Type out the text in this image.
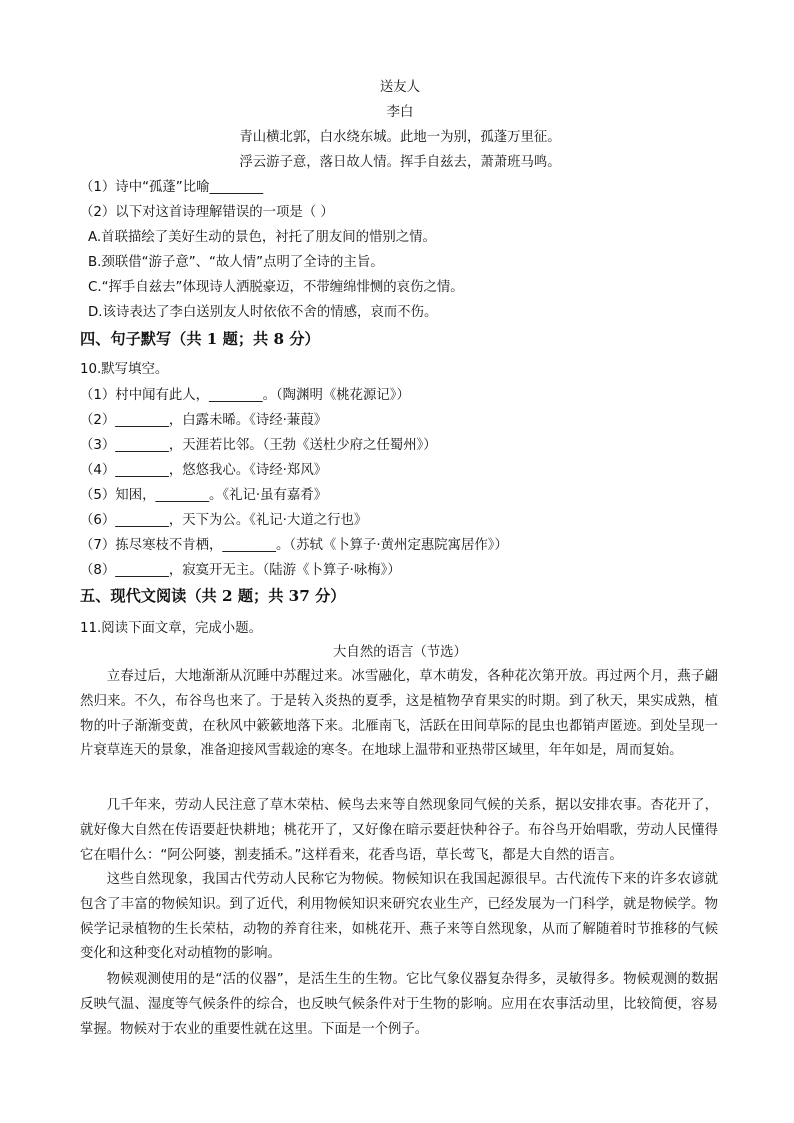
送友人
李白
青山横北郭，白水绕东城。此地一为别，孤蓬万里征。
浮云游子意，落日故人情。挥手自兹去，萧萧班马鸣。
（1）诗中“孤蓬”比喻________
（2）以下对这首诗理解错误的一项是（ ）
A.首联描绘了美好生动的景色，衬托了朋友间的惜别之情。
B.颈联借“游子意”、“故人情”点明了全诗的主旨。
C.“挥手自兹去”体现诗人洒脱豪迈，不带缠绵悱恻的哀伤之情。
D.该诗表达了李白送别友人时依依不舍的情感，哀而不伤。
四、句子默写（共 1 题；共 8 分）
10.默写填空。
（1）村中闻有此人，________。（陶渊明《桃花源记》）
（2）________，白露未晞。《诗经·蒹葭》
（3）________，天涯若比邻。（王勃《送杜少府之任蜀州》）
（4）________，悠悠我心。《诗经·郑风》
（5）知困，________。《礼记·虽有嘉肴》
（6）________，天下为公。《礼记·大道之行也》
（7）拣尽寒枝不肯栖，________。（苏轼《卜算子·黄州定惠院寓居作》）
（8）________，寂寞开无主。（陆游《卜算子·咏梅》）
五、现代文阅读（共 2 题；共 37 分）
11.阅读下面文章，完成小题。
大自然的语言（节选）

立春过后，大地渐渐从沉睡中苏醒过来。冰雪融化，草木萌发，各种花次第开放。再过两个月，燕子翩然归来。不久，布谷鸟也来了。于是转入炎热的夏季，这是植物孕育果实的时期。到了秋天，果实成熟，植物的叶子渐渐变黄，在秋风中簌簌地落下来。北雁南飞，活跃在田间草际的昆虫也都销声匿迹。到处呈现一片衰草连天的景象，准备迎接风雪载途的寒冬。在地球上温带和亚热带区域里，年年如是，周而复始。

几千年来，劳动人民注意了草木荣枯、候鸟去来等自然现象同气候的关系，据以安排农事。杏花开了，就好像大自然在传语要赶快耕地；桃花开了，又好像在暗示要赶快种谷子。布谷鸟开始唱歌，劳动人民懂得它在唱什么：“阿公阿婆，割麦插禾。”这样看来，花香鸟语，草长莺飞，都是大自然的语言。

这些自然现象，我国古代劳动人民称它为物候。物候知识在我国起源很早。古代流传下来的许多农谚就包含了丰富的物候知识。到了近代，利用物候知识来研究农业生产，已经发展为一门科学，就是物候学。物候学记录植物的生长荣枯，动物的养育往来，如桃花开、燕子来等自然现象，从而了解随着时节推移的气候变化和这种变化对动植物的影响。

物候观测使用的是“活的仪器”，是活生生的生物。它比气象仪器复杂得多，灵敏得多。物候观测的数据反映气温、湿度等气候条件的综合，也反映气候条件对于生物的影响。应用在农事活动里，比较简便，容易掌握。物候对于农业的重要性就在这里。下面是一个例子。
